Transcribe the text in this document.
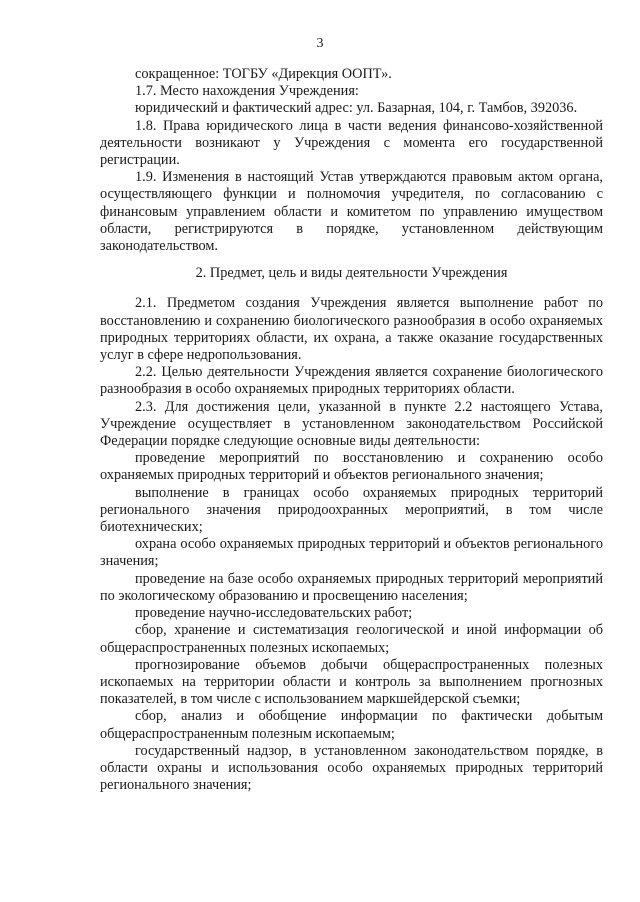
3

сокращенное: ТОГБУ «Дирекция ООПТ».

1.7. Место нахождения Учреждения:

юридический и фактический адрес: ул. Базарная, 104, г. Тамбов, 392036.

1.8. Права юридического лица в части ведения финансово-хозяйственной деятельности возникают у Учреждения с момента его государственной регистрации.

1.9. Изменения в настоящий Устав утверждаются правовым актом органа, осуществляющего функции и полномочия учредителя, по согласованию с финансовым управлением области и комитетом по управлению имуществом области, регистрируются в порядке, установленном действующим законодательством.

2. Предмет, цель и виды деятельности Учреждения

2.1. Предметом создания Учреждения является выполнение работ по восстановлению и сохранению биологического разнообразия в особо охраняемых природных территориях области, их охрана, а также оказание государственных услуг в сфере недропользования.

2.2. Целью деятельности Учреждения является сохранение биологического разнообразия в особо охраняемых природных территориях области.

2.3. Для достижения цели, указанной в пункте 2.2 настоящего Устава, Учреждение осуществляет в установленном законодательством Российской Федерации порядке следующие основные виды деятельности:

проведение мероприятий по восстановлению и сохранению особо охраняемых природных территорий и объектов регионального значения;

выполнение в границах особо охраняемых природных территорий регионального значения природоохранных мероприятий, в том числе биотехнических;

охрана особо охраняемых природных территорий и объектов регионального значения;

проведение на базе особо охраняемых природных территорий мероприятий по экологическому образованию и просвещению населения;

проведение научно-исследовательских работ;

сбор, хранение и систематизация геологической и иной информации об общераспространенных полезных ископаемых;

прогнозирование объемов добычи общераспространенных полезных ископаемых на территории области и контроль за выполнением прогнозных показателей, в том числе с использованием маркшейдерской съемки;

сбор, анализ и обобщение информации по фактически добытым общераспространенным полезным ископаемым;

государственный надзор, в установленном законодательством порядке, в области охраны и использования особо охраняемых природных территорий регионального значения;
